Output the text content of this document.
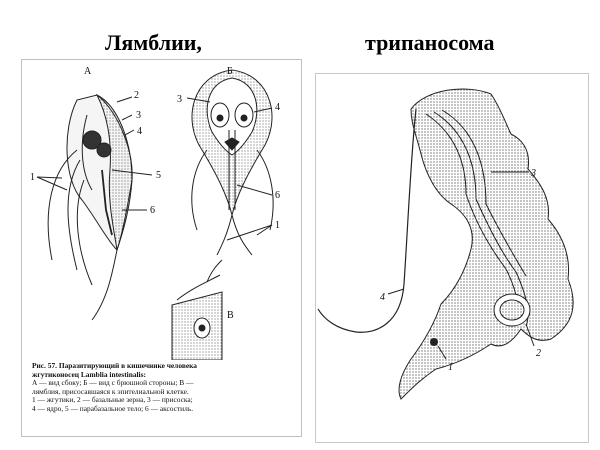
Лямблии,	трипаносома
А	Б
В
1
2
3
4
5
6
3
4
6
1
Рис. 57. Паразитирующий в кишечнике человека
жгутиконосец Lamblia intestinalis:
А — вид сбоку; Б — вид с брюшной стороны; В —
лямблия, присосавшаяся к эпителиальной клетке.
1 — жгутики, 2 — базальные зерна, 3 — присоска;
4 — ядро, 5 — парабазальное тело; 6 — аксостиль.
1
2
3
4
